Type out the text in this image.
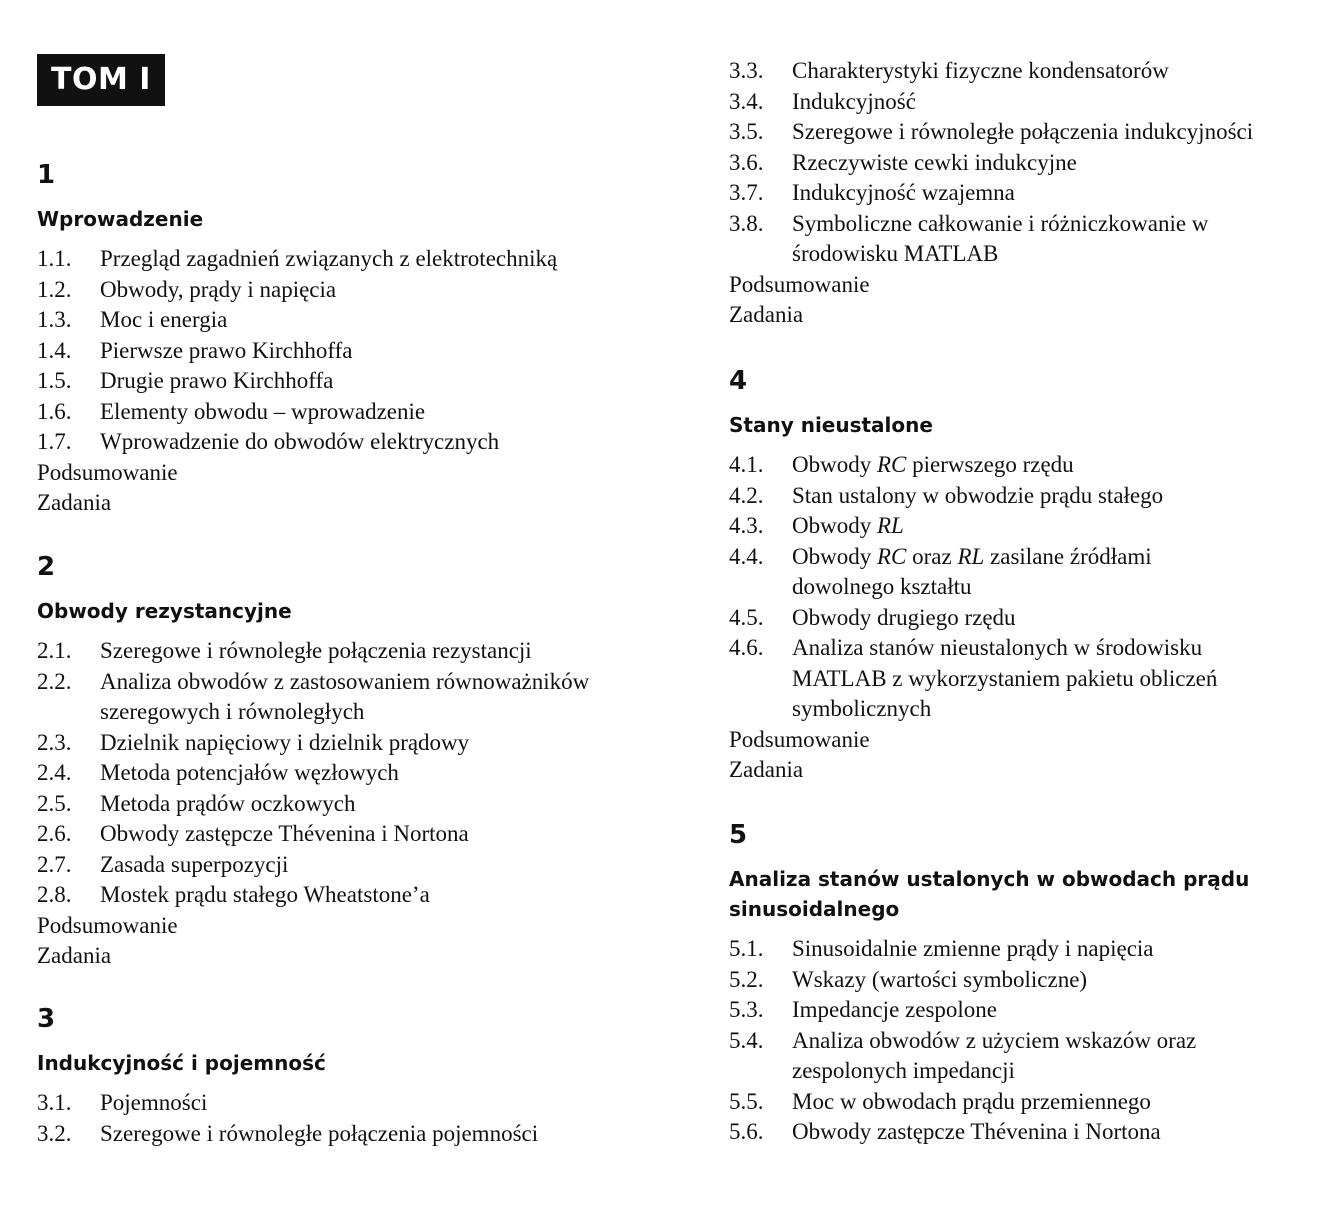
TOM I
1
Wprowadzenie
1.1.	Przegląd zagadnień związanych z elektrotechniką
1.2.	Obwody, prądy i napięcia
1.3.	Moc i energia
1.4.	Pierwsze prawo Kirchhoffa
1.5.	Drugie prawo Kirchhoffa
1.6.	Elementy obwodu – wprowadzenie
1.7.	Wprowadzenie do obwodów elektrycznych
Podsumowanie
Zadania
2
Obwody rezystancyjne
2.1.	Szeregowe i równoległe połączenia rezystancji
2.2.	Analiza obwodów z zastosowaniem równoważników szeregowych i równoległych
2.3.	Dzielnik napięciowy i dzielnik prądowy
2.4.	Metoda potencjałów węzłowych
2.5.	Metoda prądów oczkowych
2.6.	Obwody zastępcze Thévenina i Nortona
2.7.	Zasada superpozycji
2.8.	Mostek prądu stałego Wheatstone’a
Podsumowanie
Zadania
3
Indukcyjność i pojemność
3.1.	Pojemności
3.2.	Szeregowe i równoległe połączenia pojemności
3.3.	Charakterystyki fizyczne kondensatorów
3.4.	Indukcyjność
3.5.	Szeregowe i równoległe połączenia indukcyjności
3.6.	Rzeczywiste cewki indukcyjne
3.7.	Indukcyjność wzajemna
3.8.	Symboliczne całkowanie i różniczkowanie w środowisku MATLAB
Podsumowanie
Zadania
4
Stany nieustalone
4.1.	Obwody RC pierwszego rzędu
4.2.	Stan ustalony w obwodzie prądu stałego
4.3.	Obwody RL
4.4.	Obwody RC oraz RL zasilane źródłami dowolnego kształtu
4.5.	Obwody drugiego rzędu
4.6.	Analiza stanów nieustalonych w środowisku MATLAB z wykorzystaniem pakietu obliczeń symbolicznych
Podsumowanie
Zadania
5
Analiza stanów ustalonych w obwodach prądu sinusoidalnego
5.1.	Sinusoidalnie zmienne prądy i napięcia
5.2.	Wskazy (wartości symboliczne)
5.3.	Impedancje zespolone
5.4.	Analiza obwodów z użyciem wskazów oraz zespolonych impedancji
5.5.	Moc w obwodach prądu przemiennego
5.6.	Obwody zastępcze Thévenina i Nortona
